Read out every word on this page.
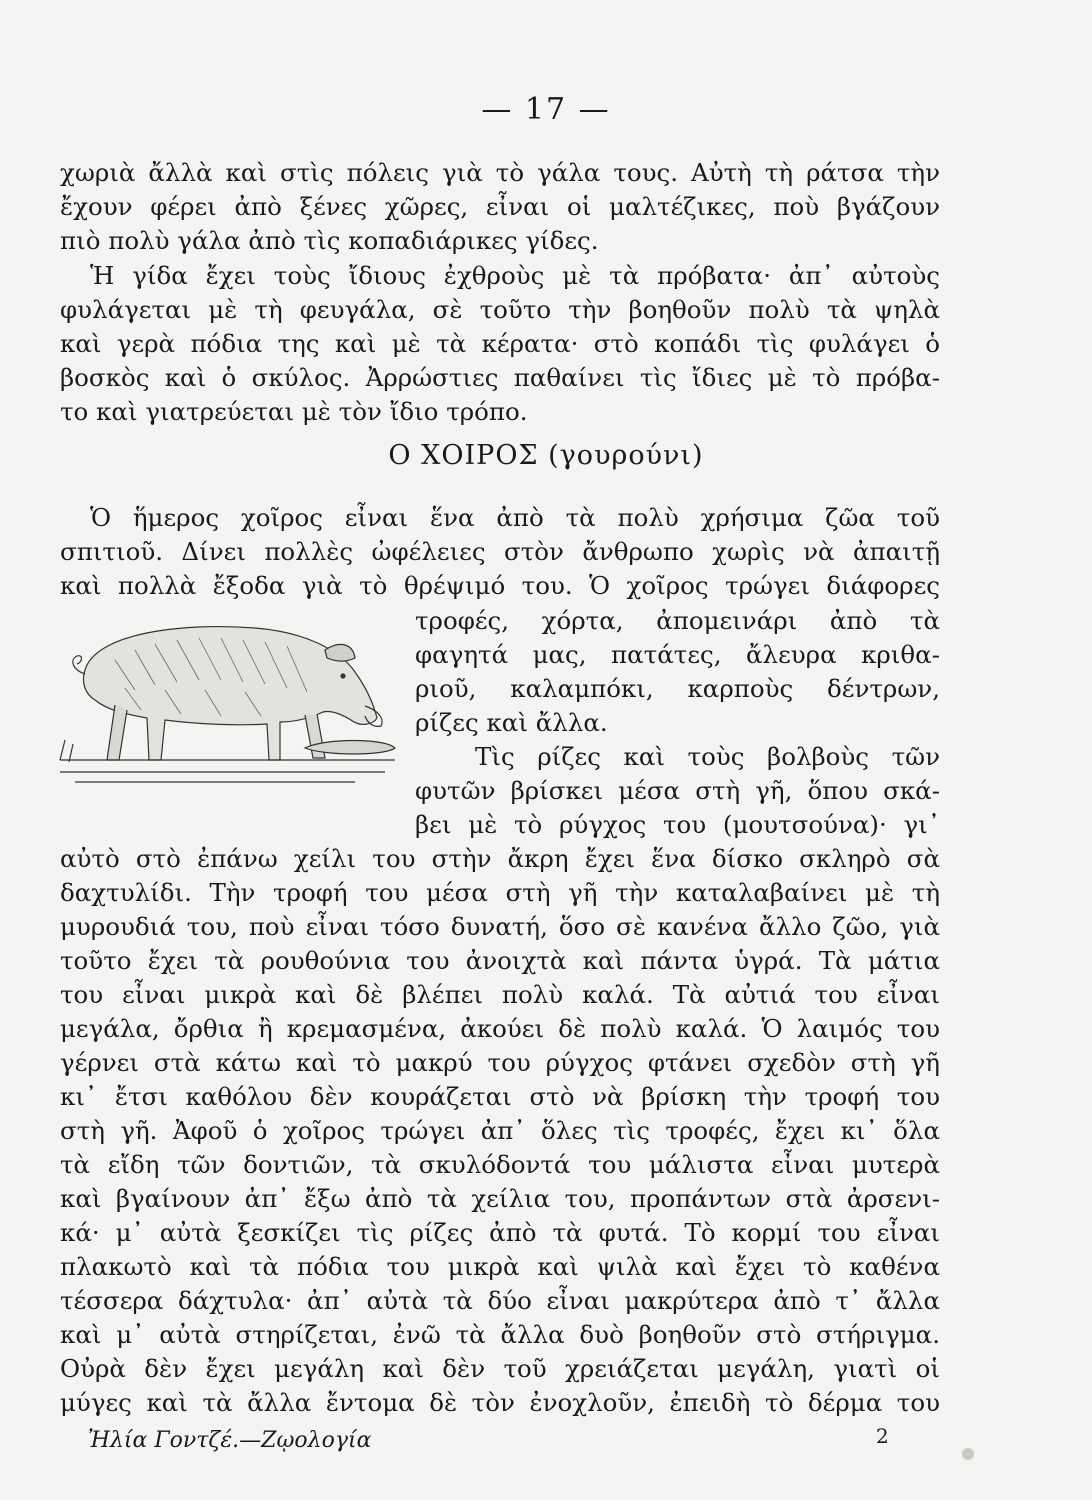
— 17 —
χωριὰ ἄλλὰ καὶ στὶς πόλεις γιὰ τὸ γάλα τους. Αὐτὴ τὴ ράτσα τὴν
ἔχουν φέρει ἀπὸ ξένες χῶρες, εἶναι οἱ μαλτέζικες, ποὺ βγάζουν
πιὸ πολὺ γάλα ἀπὸ τὶς κοπαδιάρικες γίδες.
Ἡ γίδα ἔχει τοὺς ἴδιους ἐχθροὺς μὲ τὰ πρόβατα· ἀπ᾽ αὐτοὺς
φυλάγεται μὲ τὴ φευγάλα, σὲ τοῦτο τὴν βοηθοῦν πολὺ τὰ ψηλὰ
καὶ γερὰ πόδια της καὶ μὲ τὰ κέρατα· στὸ κοπάδι τὶς φυλάγει ὁ
βοσκὸς καὶ ὁ σκύλος. Ἀρρώστιες παθαίνει τὶς ἴδιες μὲ τὸ πρόβα-
το καὶ γιατρεύεται μὲ τὸν ἴδιο τρόπο.
Ο ΧΟΙΡΟΣ (γουρούνι)
Ὁ ἥμερος χοῖρος εἶναι ἕνα ἀπὸ τὰ πολὺ χρήσιμα ζῶα τοῦ
σπιτιοῦ. Δίνει πολλὲς ὠφέλειες στὸν ἄνθρωπο χωρὶς νὰ ἀπαιτῇ
καὶ πολλὰ ἔξοδα γιὰ τὸ θρέψιμό του. Ὁ χοῖρος τρώγει διάφορες
τροφές, χόρτα, ἀπομεινάρι ἀπὸ τὰ
φαγητά μας, πατάτες, ἄλευρα κριθα-
ριοῦ, καλαμπόκι, καρποὺς δέντρων,
ρίζες καὶ ἄλλα.
Τὶς ρίζες καὶ τοὺς βολβοὺς τῶν
φυτῶν βρίσκει μέσα στὴ γῆ, ὅπου σκά-
βει μὲ τὸ ρύγχος του (μουτσούνα)· γι᾽
αὐτὸ στὸ ἐπάνω χείλι του στὴν ἄκρη ἔχει ἕνα δίσκο σκληρὸ σὰ
δαχτυλίδι. Τὴν τροφή του μέσα στὴ γῆ τὴν καταλαβαίνει μὲ τὴ
μυρουδιά του, ποὺ εἶναι τόσο δυνατή, ὅσο σὲ κανένα ἄλλο ζῶο, γιὰ
τοῦτο ἔχει τὰ ρουθούνια του ἀνοιχτὰ καὶ πάντα ὑγρά. Τὰ μάτια
του εἶναι μικρὰ καὶ δὲ βλέπει πολὺ καλά. Τὰ αὐτιά του εἶναι
μεγάλα, ὄρθια ἢ κρεμασμένα, ἀκούει δὲ πολὺ καλά. Ὁ λαιμός του
γέρνει στὰ κάτω καὶ τὸ μακρύ του ρύγχος φτάνει σχεδὸν στὴ γῆ
κι᾽ ἔτσι καθόλου δὲν κουράζεται στὸ νὰ βρίσκη τὴν τροφή του
στὴ γῆ. Ἀφοῦ ὁ χοῖρος τρώγει ἀπ᾽ ὅλες τὶς τροφές, ἔχει κι᾽ ὅλα
τὰ εἴδη τῶν δοντιῶν, τὰ σκυλόδοντά του μάλιστα εἶναι μυτερὰ
καὶ βγαίνουν ἀπ᾽ ἔξω ἀπὸ τὰ χείλια του, προπάντων στὰ ἀρσενι-
κά· μ᾽ αὐτὰ ξεσκίζει τὶς ρίζες ἀπὸ τὰ φυτά. Τὸ κορμί του εἶναι
πλακωτὸ καὶ τὰ πόδια του μικρὰ καὶ ψιλὰ καὶ ἔχει τὸ καθένα
τέσσερα δάχτυλα· ἀπ᾽ αὐτὰ τὰ δύο εἶναι μακρύτερα ἀπὸ τ᾽ ἄλλα
καὶ μ᾽ αὐτὰ στηρίζεται, ἐνῶ τὰ ἄλλα δυὸ βοηθοῦν στὸ στήριγμα.
Οὐρὰ δὲν ἔχει μεγάλη καὶ δὲν τοῦ χρειάζεται μεγάλη, γιατὶ οἱ
μύγες καὶ τὰ ἄλλα ἔντομα δὲ τὸν ἐνοχλοῦν, ἐπειδὴ τὸ δέρμα του
Ἠλία Γοντζέ.—Ζῳολογία	2
